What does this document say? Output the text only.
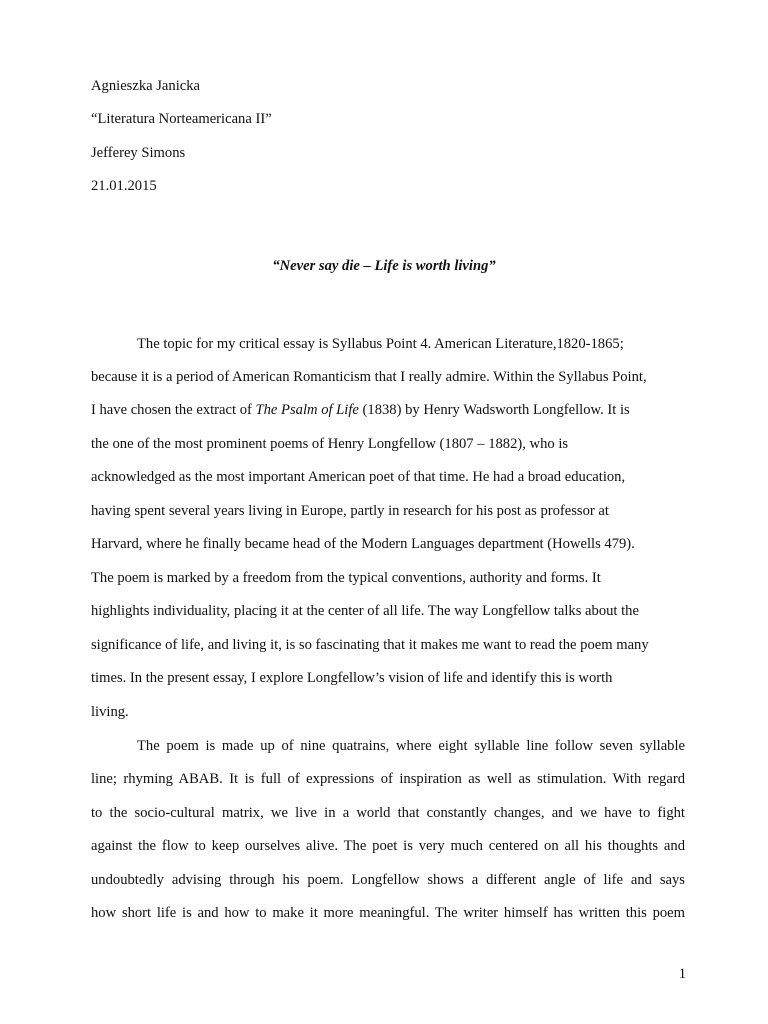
Agnieszka Janicka
“Literatura Norteamericana II”
Jefferey Simons
21.01.2015
“Never say die – Life is worth living”
The topic for my critical essay is Syllabus Point 4. American Literature,1820-1865;
because it is a period of American Romanticism that I really admire. Within the Syllabus Point,
I have chosen the extract of The Psalm of Life (1838) by Henry Wadsworth Longfellow. It is
the one of the most prominent poems of Henry Longfellow (1807 – 1882), who is
acknowledged as the most important American poet of that time. He had a broad education,
having spent several years living in Europe, partly in research for his post as professor at
Harvard, where he finally became head of the Modern Languages department (Howells 479).
The poem is marked by a freedom from the typical conventions, authority and forms. It
highlights individuality, placing it at the center of all life. The way Longfellow talks about the
significance of life, and living it, is so fascinating that it makes me want to read the poem many
times. In the present essay, I explore Longfellow’s vision of life and identify this is worth
living.
The poem is made up of nine quatrains, where eight syllable line follow seven syllable
line; rhyming ABAB. It is full of expressions of inspiration as well as stimulation. With regard
to the socio-cultural matrix, we live in a world that constantly changes, and we have to fight
against the flow to keep ourselves alive. The poet is very much centered on all his thoughts and
undoubtedly advising through his poem. Longfellow shows a different angle of life and says
how short life is and how to make it more meaningful. The writer himself has written this poem
1
